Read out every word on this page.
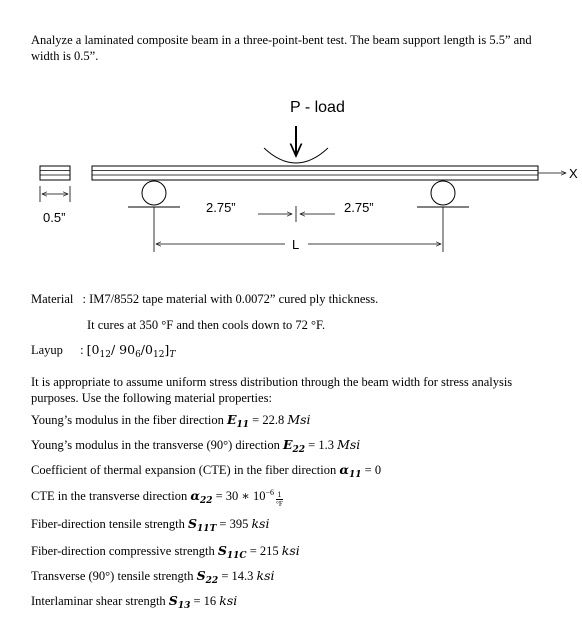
Analyze a laminated composite beam in a three-point-bent test. The beam support length is 5.5” and width is 0.5”.
P - load
0.5”
2.75”	2.75”
L
X
Material : IM7/8552 tape material with 0.0072” cured ply thickness.
It cures at 350 °F and then cools down to 72 °F.
Layup : [$0_{12}/$ $90_6/0_{12}]_T$
It is appropriate to assume uniform stress distribution through the beam width for stress analysis purposes. Use the following material properties:
Young’s modulus in the fiber direction $E_{11} = 22.8$ Msi
Young’s modulus in the transverse (90°) direction $E_{22} = 1.3$ Msi
Coefficient of thermal expansion (CTE) in the fiber direction $\alpha_{11} = 0$
CTE in the transverse direction $\alpha_{22} = 30$ ∗ $10^{-6} \frac{1}{^\circ F}$
Fiber-direction tensile strength $S_{11T} = 395$ ksi
Fiber-direction compressive strength $S_{11C} = 215$ ksi
Transverse (90°) tensile strength $S_{22} = 14.3$ ksi
Interlaminar shear strength $S_{13} = 16$ ksi
